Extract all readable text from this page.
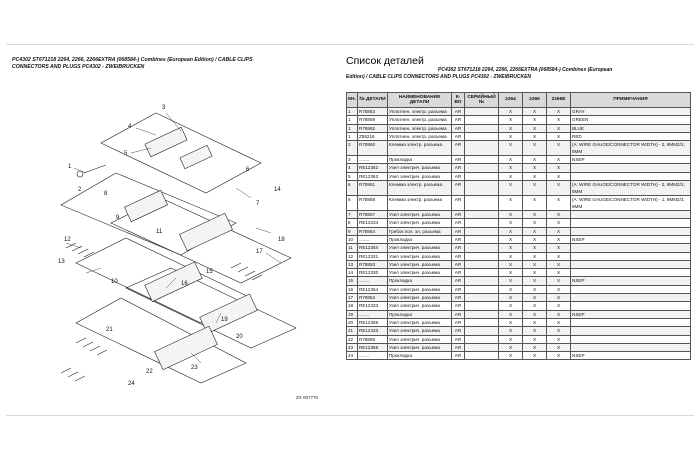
PC4302 ST671218 2264, 2266, 2266EXTRA (068584-) Combines (European Edition) / CABLE CLIPS
CONNECTORS AND PLUGS PC4302 - ZWEIBRUCKEN
1
2
3
4
5
6
7
8
9
10
11
12
13
14
15
16
17
18
19
20
21
22
23
24
ZX 007770
Список деталей
PC4302 ST671218 2264, 2266, 2266EXTRA (068584-) Combines (European
Edition) / CABLE CLIPS CONNECTORS AND PLUGS PC4302 - ZWEIBRUCKEN
КН.	№ ДЕТАЛИ	НАИМЕНОВАНИЕ ДЕТАЛИ	К-ВО	СЕРИЙНЫЙ №	2264	2266	2266E	ПРИМЕЧАНИЯ
1	R78863	Уплотнен. электр. разъема	AR		X	X	X	GRAY
1	R78859	Уплотнен. электр. разъема	AR		X	X	X	GREEN
1	R78862	Уплотнен. электр. разъема	AR		X	X	X	BLUE
1	Z55216	Уплотнен. электр. разъема	AR		X	X	X	RED
2	R78860	Клемма электр. разъема	AR		X	X	X	(A: WIRE GAUGE/CONNECTOR WIDTH) - 2, 8MM2/3, 5MM
3	........	Прокладка	AR		X	X	X	NSEP
4	RE12362	Узел электрич. разъема	AR		X	X	X	
5	RE12363	Узел электрич. разъема	AR		X	X	X	
6	R78861	Клемма электр. разъема	AR		X	X	X	(A: WIRE GAUGE/CONNECTOR WIDTH) - 2, 8MM2/3, 5MM
6	R78858	Клемма электр. разъема	AR		X	X	X	(A: WIRE GAUGE/CONNECTOR WIDTH) - 1, 8MM2/3, 5MM
7	R78857	Узел электрич. разъема	AR		X	X	X	
8	RE12234	Узел электрич. разъема	AR		X	X	X	
9	R78864	Гребок пол. эл. разъема	AR		X	X	X	
10	........	Прокладка	AR		X	X	X	NSEP
11	RE12364	Узел электрич. разъема	AR		X	X	X	
12	RE12331	Узел электрич. разъема	AR		X	X	X	
13	R78853	Узел электрич. разъема	AR		X	X	X	
14	RE12330	Узел электрич. разъема	AR		X	X	X	
15	........	Прокладка	AR		X	X	X	NSEP
16	RE12364	Узел электрич. разъема	AR		X	X	X	
17	R78854	Узел электрич. разъема	AR		X	X	X	
18	RE12333	Узел электрич. разъема	AR		X	X	X	
19	........	Прокладка	AR		X	X	X	NSEP
20	RE12365	Узел электрич. разъема	AR		X	X	X	
21	RE12333	Узел электрич. разъема	AR		X	X	X	
22	R78855	Узел электрич. разъема	AR		X	X	X	
23	RE12366	Узел электрич. разъема	AR		X	X	X	
24	........	Прокладка	AR		X	X	X	NSEP
